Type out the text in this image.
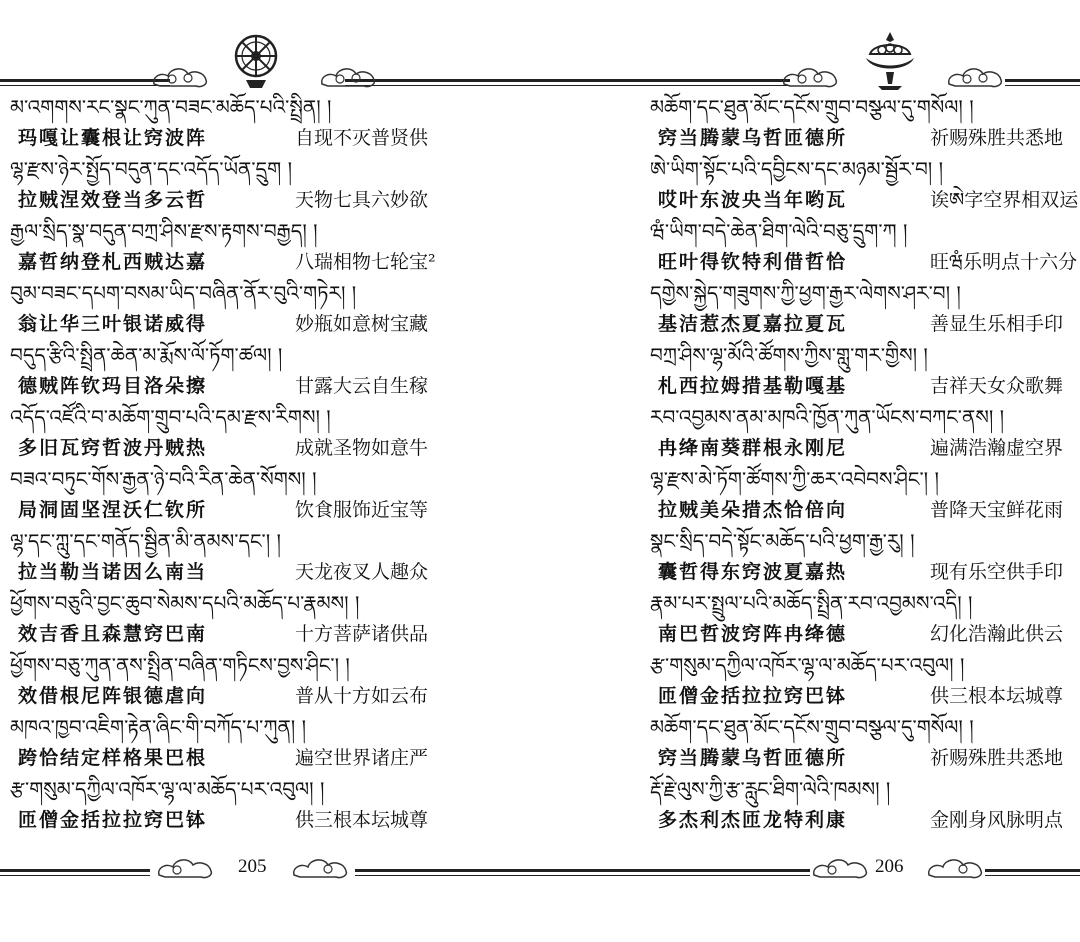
མ་འགགས་རང་སྣང་ཀུན་བཟང་མཆོད་པའི་སྤྲིན། །
玛嘎让囊根让窍波阵	自现不灭普贤供
ལྷ་རྫས་ཉེར་སྤྱོད་བདུན་དང་འདོད་ཡོན་དྲུག །
拉贼涅效登当多云哲	天物七具六妙欲
རྒྱལ་སྲིད་སྣ་བདུན་བཀྲ་ཤིས་རྫས་རྟགས་བརྒྱད། །
嘉哲纳登札西贼达嘉	八瑞相物七轮宝²
བུམ་བཟང་དཔག་བསམ་ཡིད་བཞིན་ནོར་བུའི་གཏེར། །
翁让华三叶银诺威得	妙瓶如意树宝藏
བདུད་རྩིའི་སྤྲིན་ཆེན་མ་རྨོས་ལོ་ཏོག་ཚལ། །
德贼阵钦玛目洛朵擦	甘露大云自生稼
འདོད་འཛོའི་བ་མཆོག་གྲུབ་པའི་དམ་རྫས་རིགས། །
多旧瓦窍哲波丹贼热	成就圣物如意牛
བཟའ་བཏུང་གོས་རྒྱན་ཉེ་བའི་རིན་ཆེན་སོགས། །
局洞固坚涅沃仁钦所	饮食服饰近宝等
ལྷ་དང་ཀླུ་དང་གནོད་སྦྱིན་མི་ནམས་དང་། །
拉当勒当诺因么南当	天龙夜叉人趣众
ཕྱོགས་བཅུའི་བྱང་ཆུབ་སེམས་དཔའི་མཆོད་པ་རྣམས། །
效吉香且森慧窍巴南	十方菩萨诸供品
ཕྱོགས་བཅུ་ཀུན་ནས་སྤྲིན་བཞིན་གཏིངས་བྱས་ཤིང་། །
效借根尼阵银德虐向	普从十方如云布
མཁའ་ཁྱབ་འཇིག་རྟེན་ཞིང་གི་བཀོད་པ་ཀུན། །
跨恰结定样格果巴根	遍空世界诸庄严
རྩ་གསུམ་དཀྱིལ་འཁོར་ལྷ་ལ་མཆོད་པར་འབུལ། །
匝僧金括拉拉窍巴钵	供三根本坛城尊
205
མཆོག་དང་ཐུན་མོང་དངོས་གྲུབ་བསྩལ་དུ་གསོལ། །
窍当腾蒙乌哲匝德所	祈赐殊胜共悉地
ཨེ་ཡིག་སྟོང་པའི་དབྱིངས་དང་མཉམ་སྦྱོར་བ། །
哎叶东波央当年哟瓦	诶ཨེ字空界相双运
ཝཾ་ཡིག་བདེ་ཆེན་ཐིག་ལེའི་བཅུ་དྲུག་ཀ །
旺叶得钦特利借哲恰	旺ཝཾ乐明点十六分
དགྱེས་སྐྱེད་གཟུགས་ཀྱི་ཕྱག་རྒྱར་ལེགས་ཤར་བ། །
基洁惹杰夏嘉拉夏瓦	善显生乐相手印
བཀྲ་ཤིས་ལྷ་མོའི་ཚོགས་ཀྱིས་གླུ་གར་གྱིས། །
札西拉姆措基勒嘎基	吉祥天女众歌舞
རབ་འབྱམས་ནམ་མཁའི་ཁྱོན་ཀུན་ཡོངས་བཀང་ནས། །
冉绛南葵群根永刚尼	遍满浩瀚虚空界
ལྷ་རྫས་མེ་ཏོག་ཚོགས་ཀྱི་ཆར་འབེབས་ཤིང་། །
拉贼美朵措杰恰倍向	普降天宝鲜花雨
སྣང་སྲིད་བདེ་སྟོང་མཆོད་པའི་ཕྱག་རྒྱ་རུ། །
囊哲得东窍波夏嘉热	现有乐空供手印
རྣམ་པར་སྤྲུལ་པའི་མཆོད་སྤྲིན་རབ་འབྱམས་འདི། །
南巴哲波窍阵冉绛德	幻化浩瀚此供云
རྩ་གསུམ་དཀྱིལ་འཁོར་ལྷ་ལ་མཆོད་པར་འབུལ། །
匝僧金括拉拉窍巴钵	供三根本坛城尊
མཆོག་དང་ཐུན་མོང་དངོས་གྲུབ་བསྩལ་དུ་གསོལ། །
窍当腾蒙乌哲匝德所	祈赐殊胜共悉地
རྡོ་རྗེ་ལུས་ཀྱི་རྩ་རླུང་ཐིག་ལེའི་ཁམས། །
多杰利杰匝龙特利康	金刚身风脉明点
206
